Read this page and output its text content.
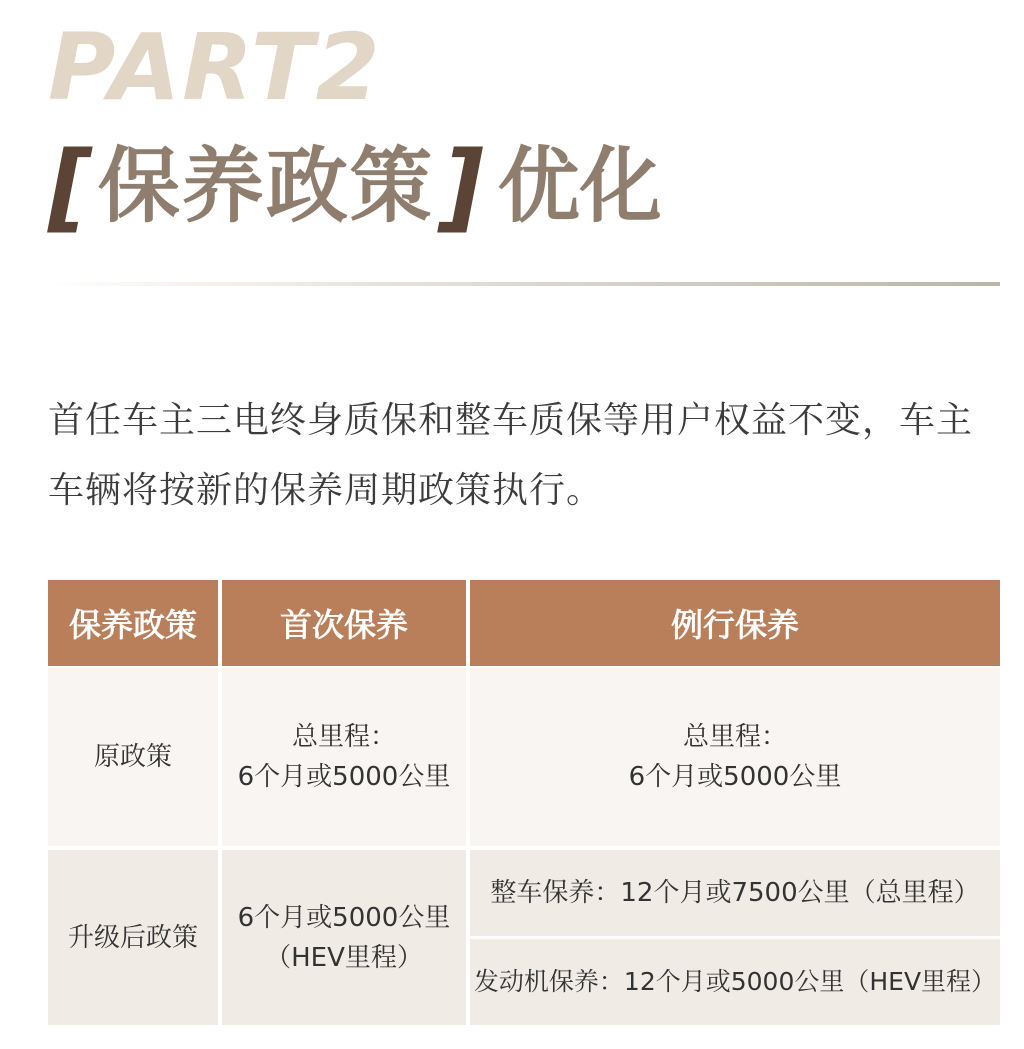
PART2
[ 保养政策 ] 优化
首任车主三电终身质保和整车质保等用户权益不变，车主车辆将按新的保养周期政策执行。
保养政策	首次保养	例行保养
原政策
总里程：
6个月或5000公里
总里程：
6个月或5000公里
升级后政策
6个月或5000公里
（HEV里程）
整车保养：12个月或7500公里（总里程）
发动机保养：12个月或5000公里（HEV里程）
